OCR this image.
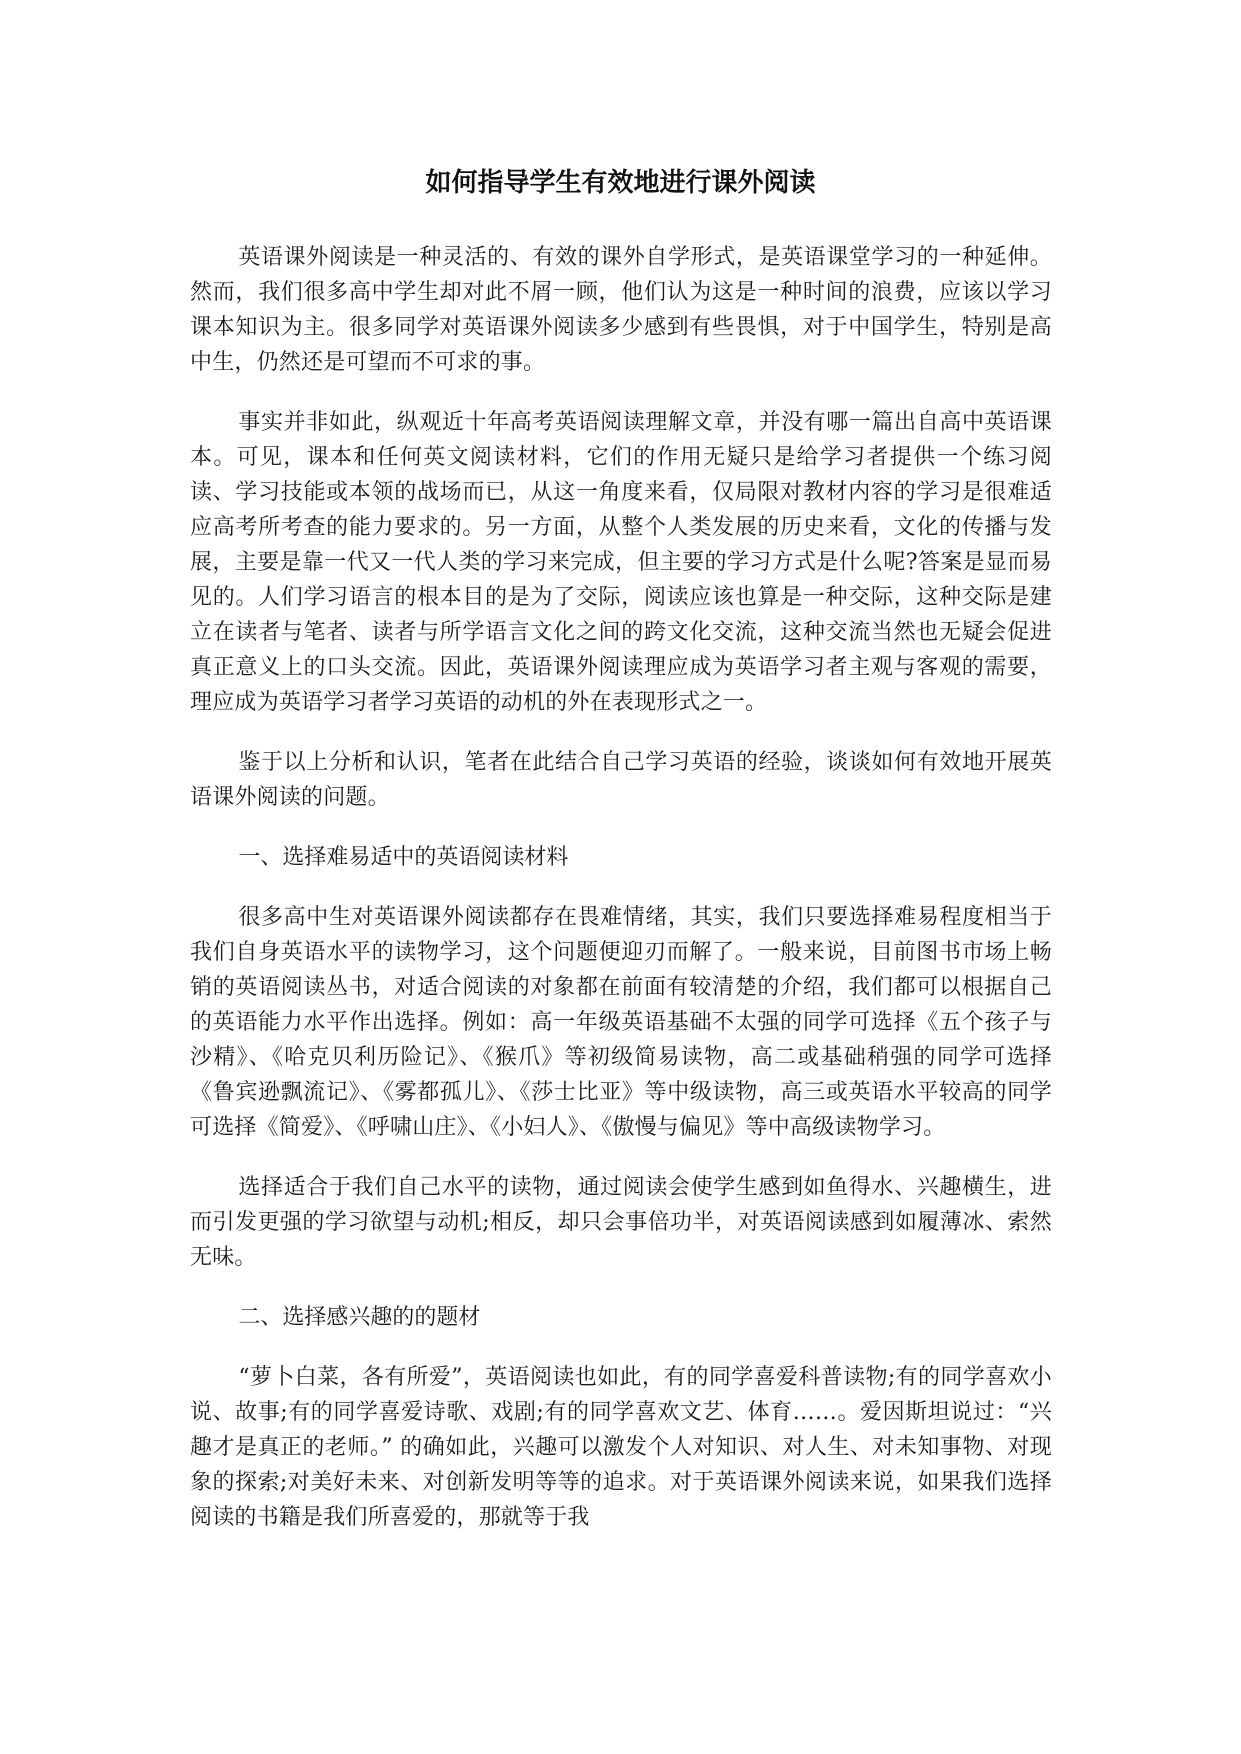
如何指导学生有效地进行课外阅读

英语课外阅读是一种灵活的、有效的课外自学形式，是英语课堂学习的一种延伸。然而，我们很多高中学生却对此不屑一顾，他们认为这是一种时间的浪费，应该以学习课本知识为主。很多同学对英语课外阅读多少感到有些畏惧，对于中国学生，特别是高中生，仍然还是可望而不可求的事。

事实并非如此，纵观近十年高考英语阅读理解文章，并没有哪一篇出自高中英语课本。可见，课本和任何英文阅读材料，它们的作用无疑只是给学习者提供一个练习阅读、学习技能或本领的战场而已，从这一角度来看，仅局限对教材内容的学习是很难适应高考所考查的能力要求的。另一方面，从整个人类发展的历史来看，文化的传播与发展，主要是靠一代又一代人类的学习来完成，但主要的学习方式是什么呢?答案是显而易见的。人们学习语言的根本目的是为了交际，阅读应该也算是一种交际，这种交际是建立在读者与笔者、读者与所学语言文化之间的跨文化交流，这种交流当然也无疑会促进真正意义上的口头交流。因此，英语课外阅读理应成为英语学习者主观与客观的需要，理应成为英语学习者学习英语的动机的外在表现形式之一。

鉴于以上分析和认识，笔者在此结合自己学习英语的经验，谈谈如何有效地开展英语课外阅读的问题。

一、选择难易适中的英语阅读材料

很多高中生对英语课外阅读都存在畏难情绪，其实，我们只要选择难易程度相当于我们自身英语水平的读物学习，这个问题便迎刃而解了。一般来说，目前图书市场上畅销的英语阅读丛书，对适合阅读的对象都在前面有较清楚的介绍，我们都可以根据自己的英语能力水平作出选择。例如：高一年级英语基础不太强的同学可选择《五个孩子与沙精》、《哈克贝利历险记》、《猴爪》等初级简易读物，高二或基础稍强的同学可选择《鲁宾逊飘流记》、《雾都孤儿》、《莎士比亚》等中级读物，高三或英语水平较高的同学可选择《简爱》、《呼啸山庄》、《小妇人》、《傲慢与偏见》等中高级读物学习。

选择适合于我们自己水平的读物，通过阅读会使学生感到如鱼得水、兴趣横生，进而引发更强的学习欲望与动机;相反，却只会事倍功半，对英语阅读感到如履薄冰、索然无味。

二、选择感兴趣的的题材

“萝卜白菜，各有所爱”，英语阅读也如此，有的同学喜爱科普读物;有的同学喜欢小说、故事;有的同学喜爱诗歌、戏剧;有的同学喜欢文艺、体育……。爱因斯坦说过：“兴趣才是真正的老师。” 的确如此，兴趣可以激发个人对知识、对人生、对未知事物、对现象的探索;对美好未来、对创新发明等等的追求。对于英语课外阅读来说，如果我们选择阅读的书籍是我们所喜爱的，那就等于我
